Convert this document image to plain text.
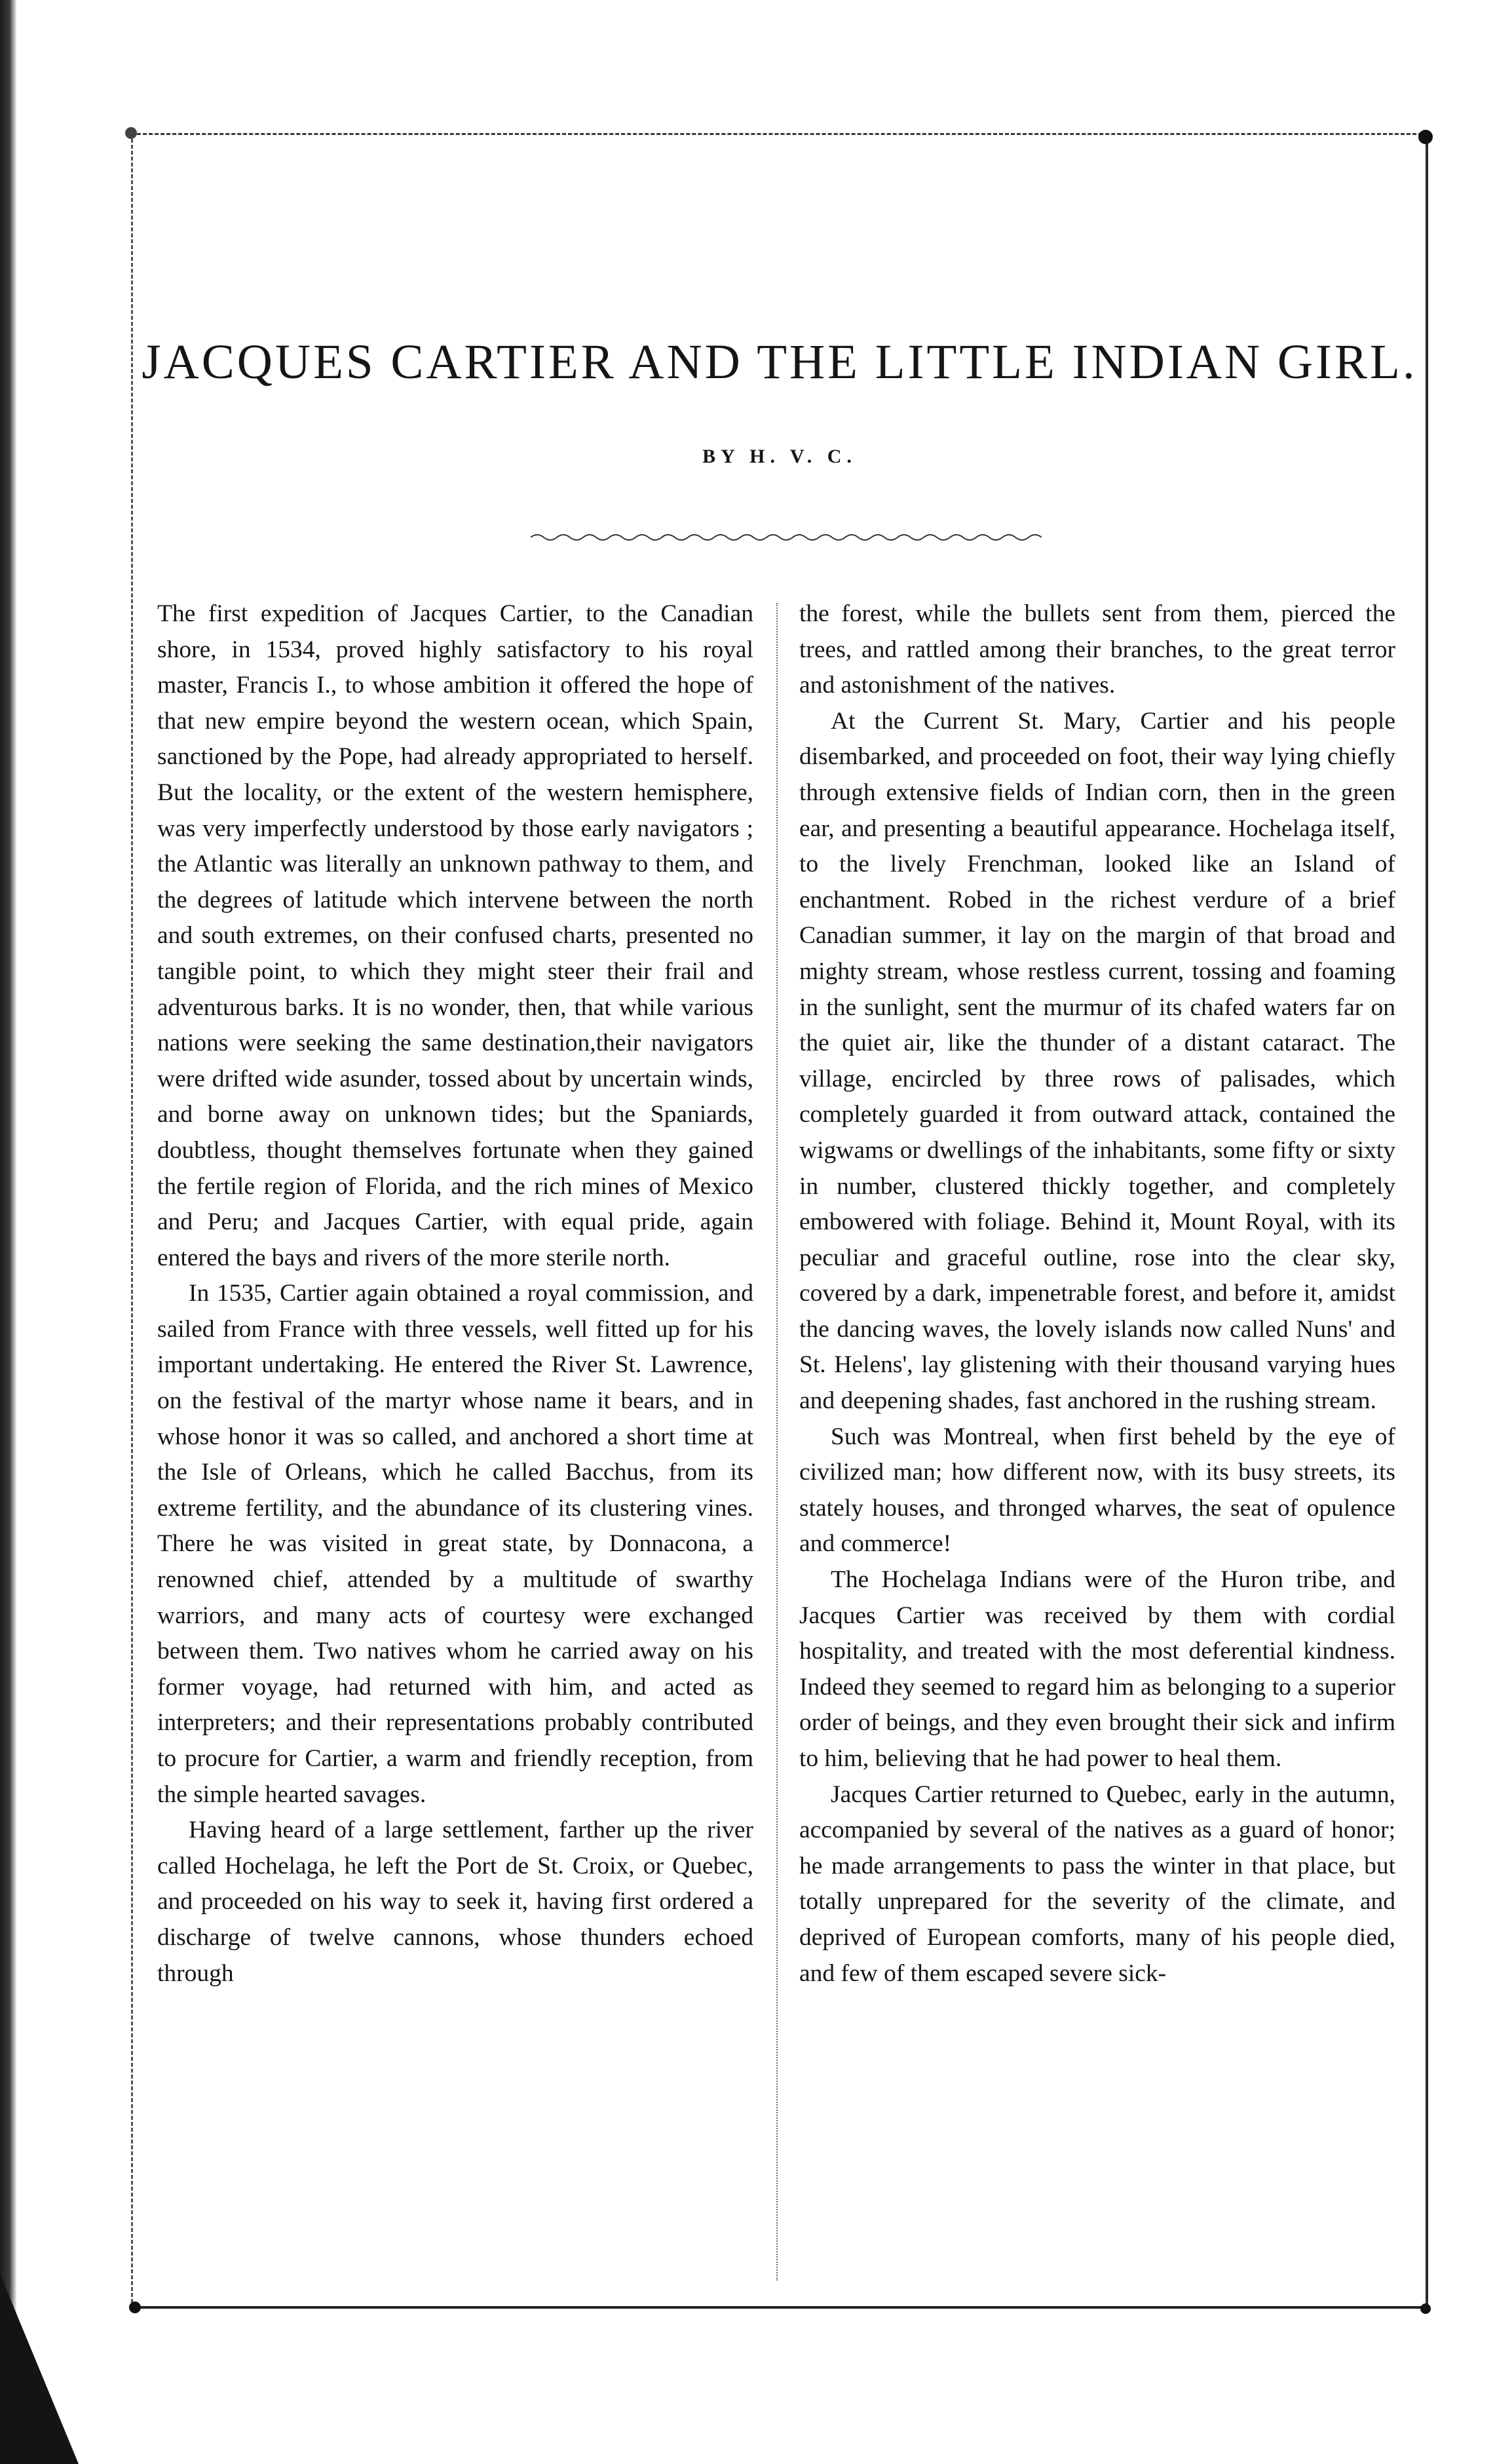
JACQUES CARTIER AND THE LITTLE INDIAN GIRL.
BY H. V. C.

The first expedition of Jacques Cartier, to the Canadian shore, in 1534, proved highly satisfactory to his royal master, Francis I., to whose ambition it offered the hope of that new empire beyond the western ocean, which Spain, sanctioned by the Pope, had already appropriated to herself. But the locality, or the extent of the western hemisphere, was very imperfectly understood by those early navigators ; the Atlantic was literally an unknown pathway to them, and the degrees of latitude which intervene between the north and south extremes, on their confused charts, presented no tangible point, to which they might steer their frail and adventurous barks. It is no wonder, then, that while various nations were seeking the same destination,their navigators were drifted wide asunder, tossed about by uncertain winds, and borne away on unknown tides; but the Spaniards, doubtless, thought themselves fortunate when they gained the fertile region of Florida, and the rich mines of Mexico and Peru; and Jacques Cartier, with equal pride, again entered the bays and rivers of the more sterile north.

In 1535, Cartier again obtained a royal commission, and sailed from France with three vessels, well fitted up for his important undertaking. He entered the River St. Lawrence, on the festival of the martyr whose name it bears, and in whose honor it was so called, and anchored a short time at the Isle of Orleans, which he called Bacchus, from its extreme fertility, and the abundance of its clustering vines. There he was visited in great state, by Donnacona, a renowned chief, attended by a multitude of swarthy warriors, and many acts of courtesy were exchanged between them. Two natives whom he carried away on his former voyage, had returned with him, and acted as interpreters; and their representations probably contributed to procure for Cartier, a warm and friendly reception, from the simple hearted savages.

Having heard of a large settlement, farther up the river called Hochelaga, he left the Port de St. Croix, or Quebec, and proceeded on his way to seek it, having first ordered a discharge of twelve cannons, whose thunders echoed through

the forest, while the bullets sent from them, pierced the trees, and rattled among their branches, to the great terror and astonishment of the natives.

At the Current St. Mary, Cartier and his people disembarked, and proceeded on foot, their way lying chiefly through extensive fields of Indian corn, then in the green ear, and presenting a beautiful appearance. Hochelaga itself, to the lively Frenchman, looked like an Island of enchantment. Robed in the richest verdure of a brief Canadian summer, it lay on the margin of that broad and mighty stream, whose restless current, tossing and foaming in the sunlight, sent the murmur of its chafed waters far on the quiet air, like the thunder of a distant cataract. The village, encircled by three rows of palisades, which completely guarded it from outward attack, contained the wigwams or dwellings of the inhabitants, some fifty or sixty in number, clustered thickly together, and completely embowered with foliage. Behind it, Mount Royal, with its peculiar and graceful outline, rose into the clear sky, covered by a dark, impenetrable forest, and before it, amidst the dancing waves, the lovely islands now called Nuns' and St. Helens', lay glistening with their thousand varying hues and deepening shades, fast anchored in the rushing stream.

Such was Montreal, when first beheld by the eye of civilized man; how different now, with its busy streets, its stately houses, and thronged wharves, the seat of opulence and commerce!

The Hochelaga Indians were of the Huron tribe, and Jacques Cartier was received by them with cordial hospitality, and treated with the most deferential kindness. Indeed they seemed to regard him as belonging to a superior order of beings, and they even brought their sick and infirm to him, believing that he had power to heal them.

Jacques Cartier returned to Quebec, early in the autumn, accompanied by several of the natives as a guard of honor; he made arrangements to pass the winter in that place, but totally unprepared for the severity of the climate, and deprived of European comforts, many of his people died, and few of them escaped severe sick-
